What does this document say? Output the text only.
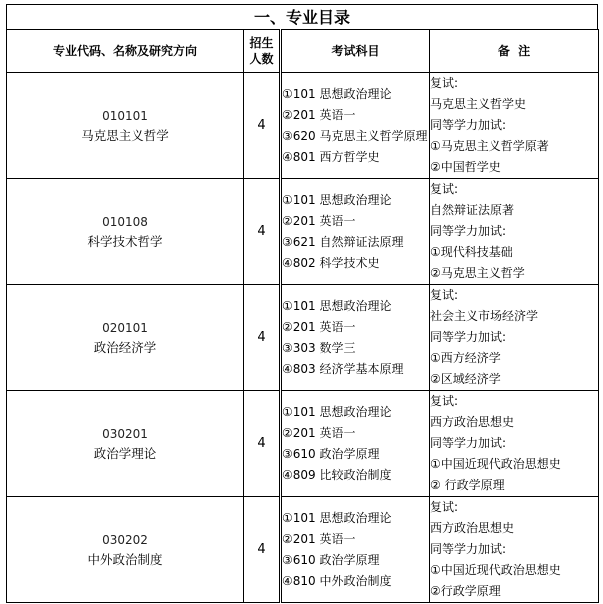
一、专业目录
专业代码、名称及研究方向	招生
人数	考试科目	备  注

010101
马克思主义哲学	4	①101 思想政治理论
②201 英语一
③620 马克思主义哲学原理
④801 西方哲学史	复试:
马克思主义哲学史
同等学力加试:
①马克思主义哲学原著
②中国哲学史

010108
科学技术哲学	4	①101 思想政治理论
②201 英语一
③621 自然辩证法原理
④802 科学技术史	复试:
自然辩证法原著
同等学力加试:
①现代科技基础
②马克思主义哲学

020101
政治经济学	4	①101 思想政治理论
②201 英语一
③303 数学三
④803 经济学基本原理	复试:
社会主义市场经济学
同等学力加试:
①西方经济学
②区域经济学

030201
政治学理论	4	①101 思想政治理论
②201 英语一
③610 政治学原理
④809 比较政治制度	复试:
西方政治思想史
同等学力加试:
①中国近现代政治思想史
② 行政学原理

030202
中外政治制度	4	①101 思想政治理论
②201 英语一
③610 政治学原理
④810 中外政治制度	复试:
西方政治思想史
同等学力加试:
①中国近现代政治思想史
②行政学原理
